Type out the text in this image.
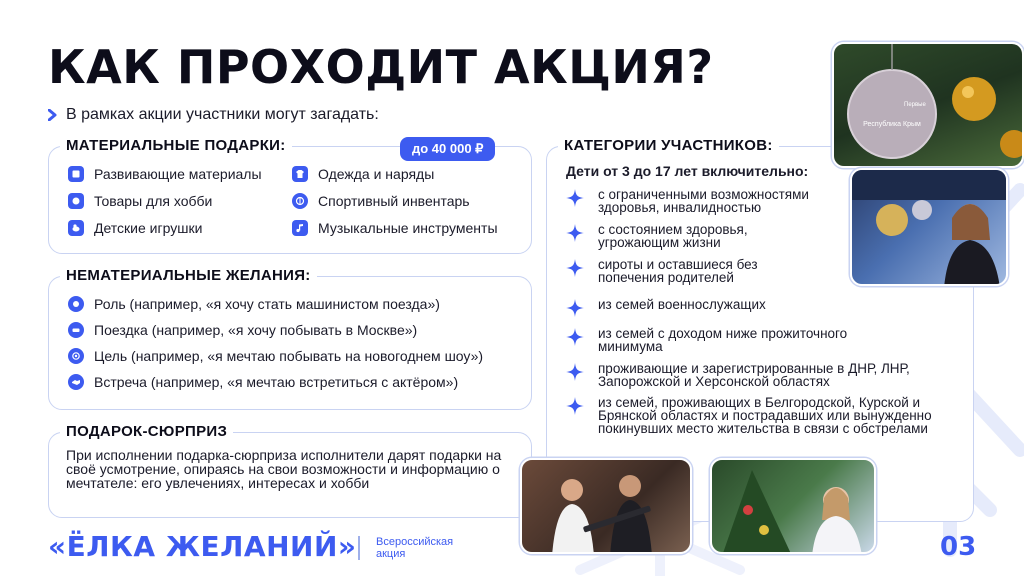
КАК ПРОХОДИТ АКЦИЯ?
В рамках акции участники могут загадать:
МАТЕРИАЛЬНЫЕ ПОДАРКИ:	до 40 000 ₽
Развивающие материалы
Товары для хобби
Детские игрушки
Одежда и наряды
Спортивный инвентарь
Музыкальные инструменты
НЕМАТЕРИАЛЬНЫЕ ЖЕЛАНИЯ:
Роль (например, «я хочу стать машинистом поезда»)
Поездка (например, «я хочу побывать в Москве»)
Цель (например, «я мечтаю побывать на новогоднем шоу»)
Встреча (например, «я мечтаю встретиться с актёром»)
ПОДАРОК-СЮРПРИЗ
При исполнении подарка-сюрприза исполнители дарят подарки на своё усмотрение, опираясь на свои возможности и информацию о мечтателе: его увлечениях, интересах и хобби
КАТЕГОРИИ УЧАСТНИКОВ:
Дети от 3 до 17 лет включительно:
с ограниченными возможностями здоровья, инвалидностью
с состоянием здоровья, угрожающим жизни
сироты и оставшиеся без попечения родителей
из семей военнослужащих
из семей с доходом ниже прожиточного минимума
проживающие и зарегистрированные в ДНР, ЛНР, Запорожской и Херсонской областях
из семей, проживающих в Белгородской, Курской и Брянской областях и пострадавших или вынужденно покинувших место жительства в связи с обстрелами
Республика Крым
Первые
«ЁЛКА ЖЕЛАНИЙ» Всероссийская
акция	03
